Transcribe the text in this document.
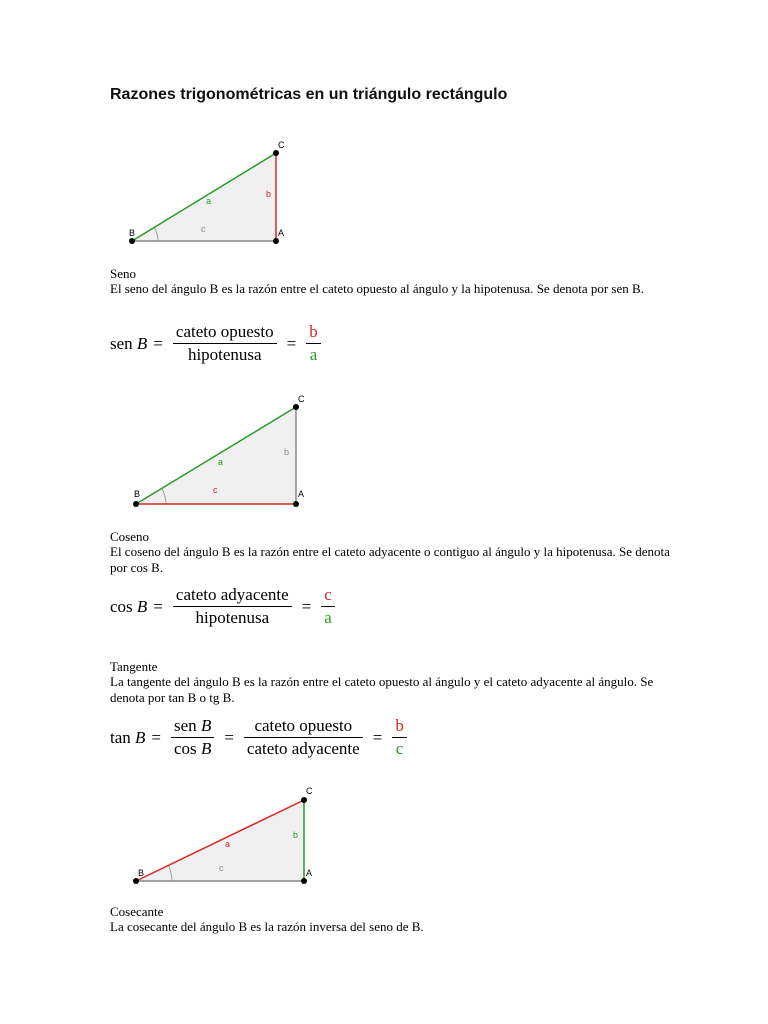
Razones trigonométricas en un triángulo rectángulo
B
C
A
a
b
c
Seno
El seno del ángulo B es la razón entre el cateto opuesto al ángulo y la hipotenusa. Se denota por sen B.
sen
$B = \frac{\text{cateto opuesto}}{\text{hipotenusa}} = \frac{b}{a}$
B
C
A
a
b
c
Coseno
El coseno del ángulo B es la razón entre el cateto adyacente o contiguo al ángulo y la hipotenusa. Se denota por cos B.
cos
$B = \frac{\text{cateto adyacente}}{\text{hipotenusa}} = \frac{c}{a}$
Tangente
La tangente del ángulo B es la razón entre el cateto opuesto al ángulo y el cateto adyacente al ángulo. Se denota por tan B o tg B.
tan
$B = \frac{\text{sen B}}{\text{cos B}} = \frac{\text{cateto opuesto}}{\text{cateto adyacente}} = \frac{b}{c}$
B
C
A
a
b
c
Cosecante
La cosecante del ángulo B es la razón inversa del seno de B.
